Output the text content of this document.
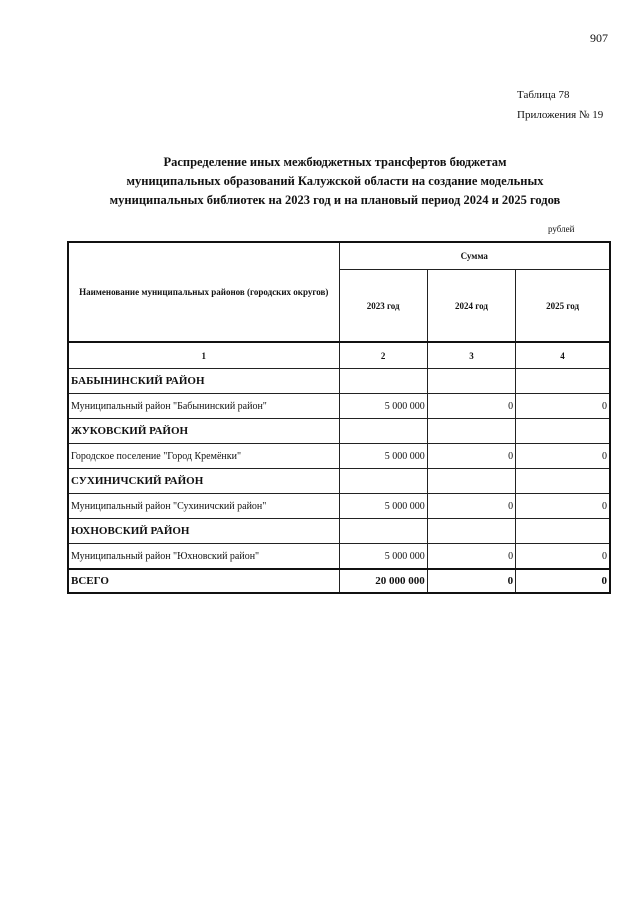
907
Таблица 78
Приложения № 19
Распределение иных межбюджетных трансфертов бюджетам
муниципальных образований Калужской области на создание модельных
муниципальных библиотек на 2023 год и на плановый период 2024 и 2025 годов
рублей
Наименование муниципальных районов (городских округов)	Сумма		
	2023 год	2024 год	2025 год
1	2	3	4
БАБЫНИНСКИЙ РАЙОН			
Муниципальный район "Бабынинский район"	5 000 000	0	0
ЖУКОВСКИЙ РАЙОН			
Городское поселение "Город Кремёнки"	5 000 000	0	0
СУХИНИЧСКИЙ РАЙОН			
Муниципальный район "Сухиничский район"	5 000 000	0	0
ЮХНОВСКИЙ РАЙОН			
Муниципальный район "Юхновский район"	5 000 000	0	0
ВСЕГО	20 000 000	0	0
